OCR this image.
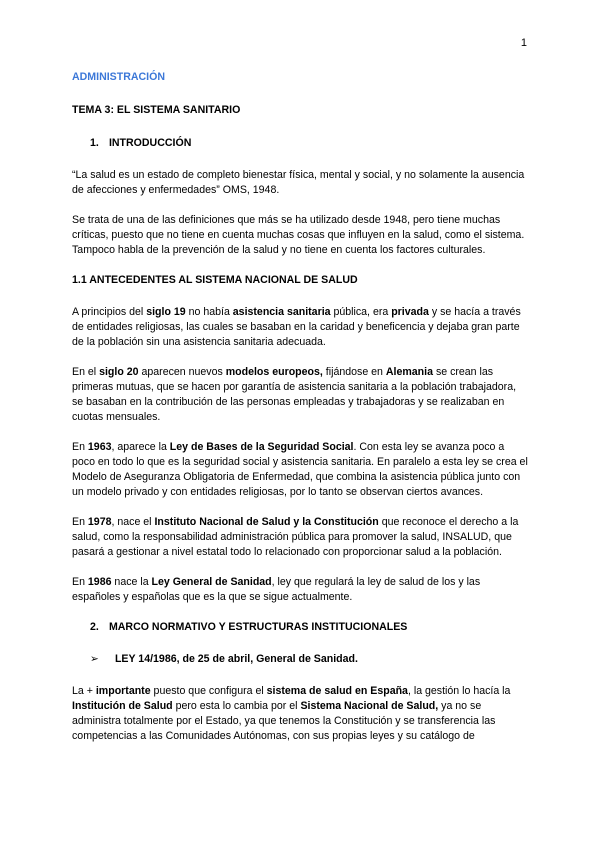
1
ADMINISTRACIÓN
TEMA 3: EL SISTEMA SANITARIO
1. INTRODUCCIÓN

“La salud es un estado de completo bienestar física, mental y social, y no solamente la ausencia de afecciones y enfermedades” OMS, 1948.

Se trata de una de las definiciones que más se ha utilizado desde 1948, pero tiene muchas críticas, puesto que no tiene en cuenta muchas cosas que influyen en la salud, como el sistema. Tampoco habla de la prevención de la salud y no tiene en cuenta los factores culturales.

1.1 ANTECEDENTES AL SISTEMA NACIONAL DE SALUD

A principios del siglo 19 no había asistencia sanitaria pública, era privada y se hacía a través de entidades religiosas, las cuales se basaban en la caridad y beneficencia y dejaba gran parte de la población sin una asistencia sanitaria adecuada.

En el siglo 20 aparecen nuevos modelos europeos, fijándose en Alemania se crean las primeras mutuas, que se hacen por garantía de asistencia sanitaria a la población trabajadora, se basaban en la contribución de las personas empleadas y trabajadoras y se realizaban en cuotas mensuales.

En 1963, aparece la Ley de Bases de la Seguridad Social. Con esta ley se avanza poco a poco en todo lo que es la seguridad social y asistencia sanitaria. En paralelo a esta ley se crea el Modelo de Aseguranza Obligatoria de Enfermedad, que combina la asistencia pública junto con un modelo privado y con entidades religiosas, por lo tanto se observan ciertos avances.

En 1978, nace el Instituto Nacional de Salud y la Constitución que reconoce el derecho a la salud, como la responsabilidad administración pública para promover la salud, INSALUD, que pasará a gestionar a nivel estatal todo lo relacionado con proporcionar salud a la población.

En 1986 nace la Ley General de Sanidad, ley que regulará la ley de salud de los y las españoles y españolas que es la que se sigue actualmente.

2. MARCO NORMATIVO Y ESTRUCTURAS INSTITUCIONALES
➢ LEY 14/1986, de 25 de abril, General de Sanidad.

La + importante puesto que configura el sistema de salud en España, la gestión lo hacía la Institución de Salud pero esta lo cambia por el Sistema Nacional de Salud, ya no se administra totalmente por el Estado, ya que tenemos la Constitución y se transferencia las competencias a las Comunidades Autónomas, con sus propias leyes y su catálogo de
